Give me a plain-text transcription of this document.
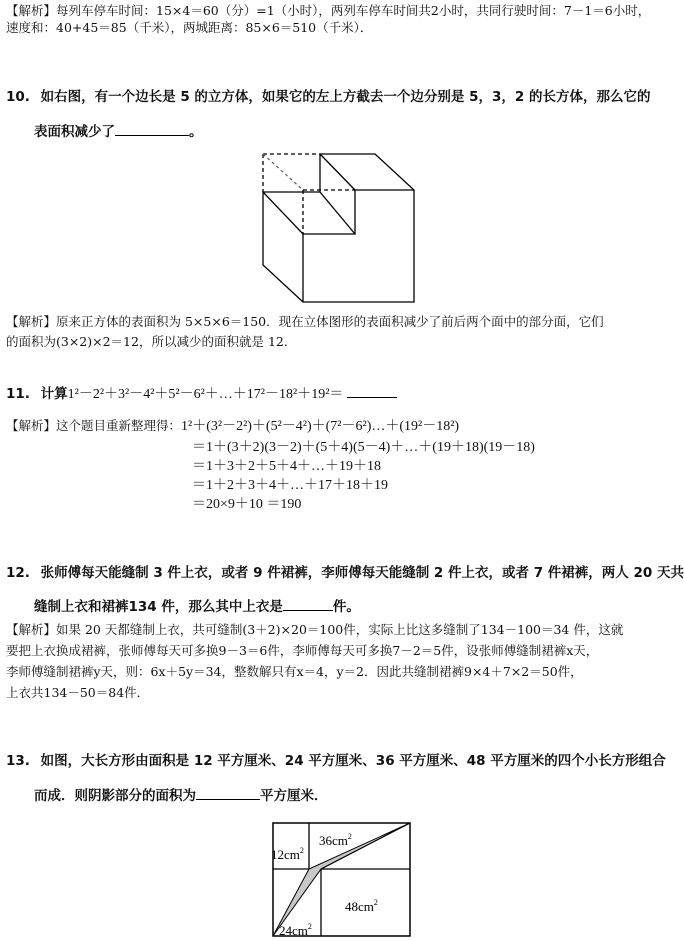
【解析】每列车停车时间：15×4＝60（分）=1（小时），两列车停车时间共2小时，共同行驶时间：7－1＝6小时，
速度和：40+45＝85（千米），两城距离：85×6＝510（千米）．
10. 如右图，有一个边长是 5 的立方体，如果它的左上方截去一个边分别是 5，3，2 的长方体，那么它的
表面积减少了	。
【解析】原来正方体的表面积为 5×5×6＝150．现在立体图形的表面积减少了前后两个面中的部分面，它们
的面积为(3×2)×2＝12，所以减少的面积就是 12．
11. 计算1²－2²＋3²－4²＋5²－6²＋…＋17²－18²＋19²＝
【解析】这个题目重新整理得：1²＋(3²－2²)＋(5²－4²)＋(7²－6²)…＋(19²－18²)
＝1＋(3＋2)(3－2)＋(5＋4)(5－4)＋…＋(19＋18)(19－18)
＝1＋3＋2＋5＋4＋…＋19＋18
＝1＋2＋3＋4＋…＋17＋18＋19
＝20×9＋10 ＝190
12. 张师傅每天能缝制 3 件上衣，或者 9 件裙裤，李师傅每天能缝制 2 件上衣，或者 7 件裙裤，两人 20 天共
缝制上衣和裙裤134 件，那么其中上衣是	件。
【解析】如果 20 天都缝制上衣，共可缝制(3＋2)×20＝100件，实际上比这多缝制了134－100＝34 件，这就
要把上衣换成裙裤，张师傅每天可多换9－3＝6件，李师傅每天可多换7－2＝5件，设张师傅缝制裙裤x天，
李师傅缝制裙裤y天，则：6x＋5y＝34，整数解只有x＝4，y＝2．因此共缝制裙裤9×4＋7×2＝50件，
上衣共134－50＝84件．
13. 如图，大长方形由面积是 12 平方厘米、24 平方厘米、36 平方厘米、48 平方厘米的四个小长方形组合
而成．则阴影部分的面积为	平方厘米．
$12cm^2$
$36cm^2$
$48cm^2$
$24cm^2$
